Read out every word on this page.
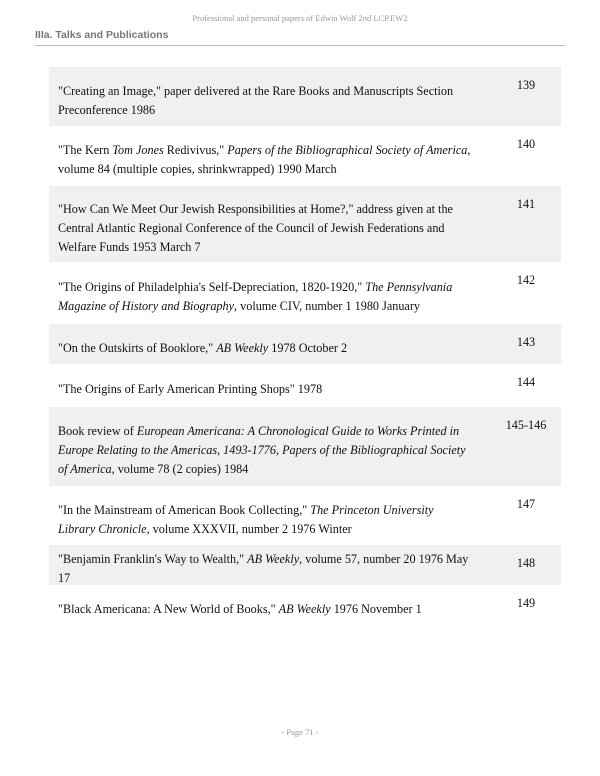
Professional and personal papers of Edwin Wolf 2nd LCP.EW2
IIIa. Talks and Publications
"Creating an Image," paper delivered at the Rare Books and Manuscripts Section Preconference 1986
139
"The Kern Tom Jones Redivivus," Papers of the Bibliographical Society of America, volume 84 (multiple copies, shrinkwrapped) 1990 March
140
"How Can We Meet Our Jewish Responsibilities at Home?," address given at the Central Atlantic Regional Conference of the Council of Jewish Federations and Welfare Funds 1953 March 7
141
"The Origins of Philadelphia's Self-Depreciation, 1820-1920," The Pennsylvania Magazine of History and Biography, volume CIV, number 1 1980 January
142
"On the Outskirts of Booklore," AB Weekly 1978 October 2	143
"The Origins of Early American Printing Shops" 1978	144
Book review of European Americana: A Chronological Guide to Works Printed in Europe Relating to the Americas, 1493-1776, Papers of the Bibliographical Society of America, volume 78 (2 copies) 1984
145-146
"In the Mainstream of American Book Collecting," The Princeton University Library Chronicle, volume XXXVII, number 2 1976 Winter
147
"Benjamin Franklin's Way to Wealth," AB Weekly, volume 57, number 20 1976 May 17
148
"Black Americana: A New World of Books," AB Weekly 1976 November 1	149
- Page 71 -
